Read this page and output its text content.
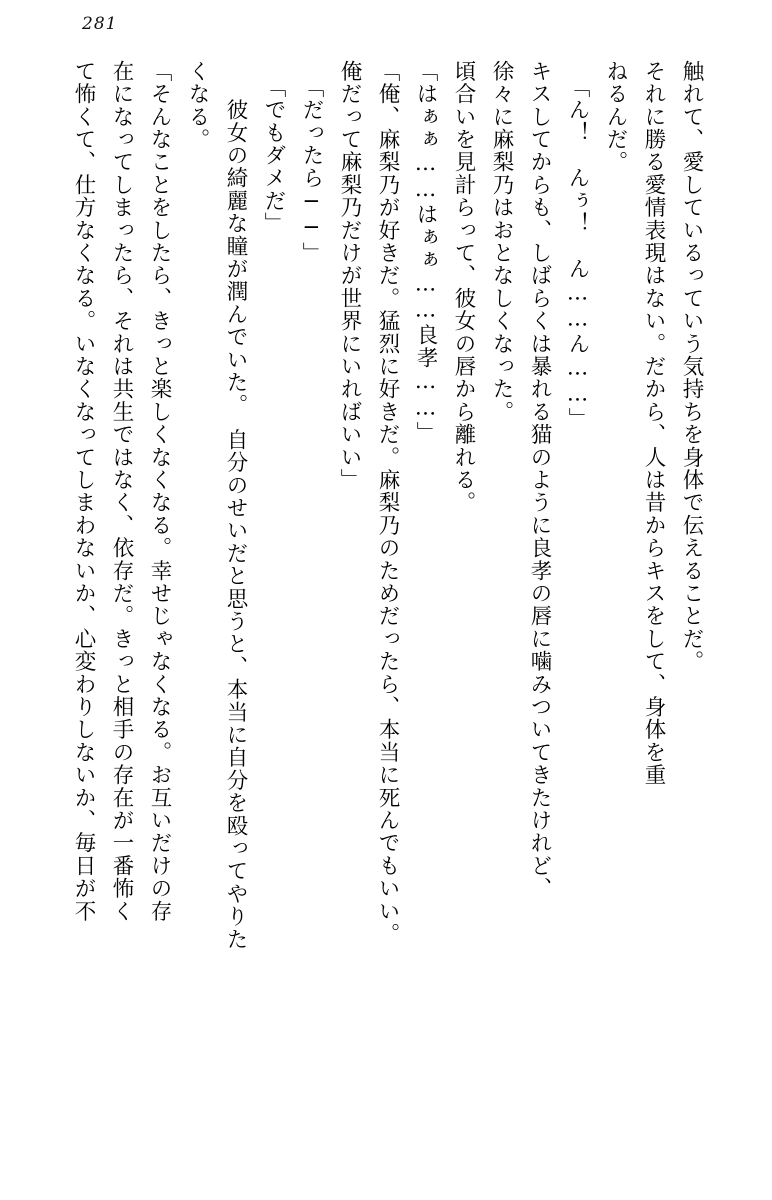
281
触れて、愛しているっていう気持ちを身体で伝えることだ。
それに勝る愛情表現はない。だから、人は昔からキスをして、身体を重
ねるんだ。
「ん！　んぅ！　ん……ん……」
キスしてからも、しばらくは暴れる猫のように良孝の唇に噛みついてきたけれど、
徐々に麻梨乃はおとなしくなった。
頃合いを見計らって、彼女の唇から離れる。
「はぁぁ……はぁぁ……良孝……」
「俺、麻梨乃が好きだ。猛烈に好きだ。麻梨乃のためだったら、本当に死んでもいい。
俺だって麻梨乃だけが世界にいればいい」
「だったら──」
「でもダメだ」
　彼女の綺麗な瞳が潤んでいた。　自分のせいだと思うと、本当に自分を殴ってやりた
くなる。
「そんなことをしたら、きっと楽しくなくなる。幸せじゃなくなる。お互いだけの存
在になってしまったら、それは共生ではなく、依存だ。きっと相手の存在が一番怖く
て怖くて、仕方なくなる。いなくなってしまわないか、心変わりしないか、毎日が不
